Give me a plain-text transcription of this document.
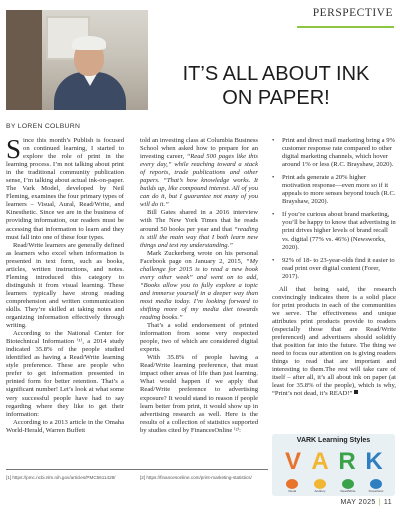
PERSPECTIVE
IT’S ALL ABOUT INK
ON PAPER!
BY LOREN COLBURN

Since this month’s Publish is focused on continued learning, I started to explore the role of print in the learning process. I’m not talking about print in the traditional community publication sense, I’m talking about actual ink-on-paper. The Vark Model, developed by Neil Fleming, examines the four primary types of learners – Visual, Aural, Read/Write, and Kinesthetic. Since we are in the business of providing information, our readers must be accessing that information to learn and they must fall into one of these four types.

Read/Write learners are generally defined as learners who excel when information is presented in text form, such as books, articles, written instructions, and notes. Fleming introduced this category to distinguish it from visual learning. These learners typically have strong reading comprehension and written communication skills. They’re skilled at taking notes and organizing information effectively through writing.

According to the National Center for Biotechnical Information ⁽¹⁾, a 2014 study indicated 35.8% of the people studied identified as having a Read/Write learning style preference. These are people who prefer to get information presented in printed form for better retention. That’s a significant number! Let’s look at what some very successful people have had to say regarding where they like to get their information:

According to a 2013 article in the Omaha World-Herald, Warren Buffett

told an investing class at Columbia Business School when asked how to prepare for an investing career, “Read 500 pages like this every day,” while reaching toward a stack of reports, trade publications and other papers. “That’s how knowledge works. It builds up, like compound interest. All of you can do it, but I guarantee not many of you will do it.”

Bill Gates shared in a 2016 interview with The New York Times that he reads around 50 books per year and that “reading is still the main way that I both learn new things and test my understanding.”

Mark Zuckerberg wrote on his personal Facebook page on January 2, 2015, “My challenge for 2015 is to read a new book every other week” and went on to add, “Books allow you to fully explore a topic and immerse yourself in a deeper way than most media today. I’m looking forward to shifting more of my media diet towards reading books.”

That’s a solid endorsement of printed information from some very respected people, two of which are considered digital experts.

With 35.8% of people having a Read/Write learning preference, that must impact other areas of life than just learning. What would happen if we apply that Read/Write preference to advertising exposure? It would stand to reason if people learn better from print, it would show up in advertising research as well. Here is the results of a collection of statistics supported by studies cited by FinancesOnline ⁽²⁾:

• Print and direct mail marketing bring a 9% customer response rate compared to other digital marketing channels, which hover around 1% or less (R.C. Brayshaw, 2020).
• Print ads generate a 20% higher motivation response—even more so if it appeals to more senses beyond touch (R.C. Brayshaw, 2020).
• If you’re curious about brand marketing, you’ll be happy to know that advertising in print drives higher levels of brand recall vs. digital (77% vs. 46%) (Newsworks, 2020).
• 92% of 18- to 23-year-olds find it easier to read print over digital content (Forer, 2017).

All that being said, the research convincingly indicates there is a solid place for print products in each of the communities we serve. The effectiveness and unique attributes print products provide to readers (especially those that are Read/Write preferenced) and advertisers should solidify that position far into the future. The thing we need to focus our attention on is giving readers things to read that are important and interesting to them.The rest will take care of itself – after all, it’s all about ink on paper (at least for 35.8% of the people), which is why, “Print’s not dead, it’s READ!”

VARK Learning Styles
V A R K
Visual	Auditory	Read/Write	Kinesthetic
[1] https://pmc.ncbi.nlm.nih.gov/articles/PMC5611428/	[2] https://financesonline.com/print-marketing-statistics/
MAY 2025 | 11
